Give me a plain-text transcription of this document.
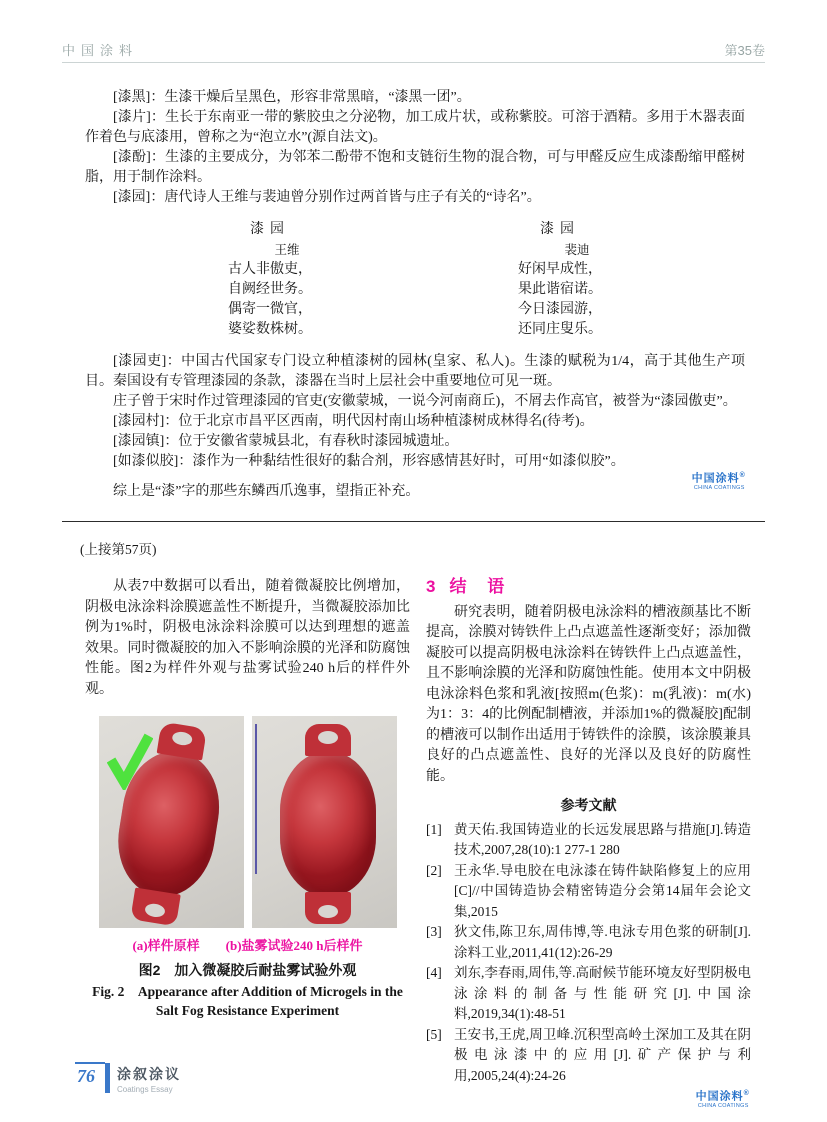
中国涂料	第35卷

[漆黑]：生漆干燥后呈黑色，形容非常黑暗，“漆黑一团”。

[漆片]：生长于东南亚一带的紫胶虫之分泌物，加工成片状，或称紫胶。可溶于酒精。多用于木器表面作着色与底漆用，曾称之为“泡立水”(源自法文)。

[漆酚]：生漆的主要成分，为邻苯二酚带不饱和支链衍生物的混合物，可与甲醛反应生成漆酚缩甲醛树脂，用于制作涂料。

[漆园]：唐代诗人王维与裴迪曾分别作过两首皆与庄子有关的“诗名”。

漆园
王维
古人非傲吏，
自阙经世务。
偶寄一微官，
婆娑数株树。
漆园
裴迪
好闲早成性，
果此谐宿诺。
今日漆园游，
还同庄叟乐。

[漆园吏]：中国古代国家专门设立种植漆树的园林(皇家、私人)。生漆的赋税为1/4，高于其他生产项目。秦国设有专管理漆园的条款，漆器在当时上层社会中重要地位可见一斑。

庄子曾于宋时作过管理漆园的官吏(安徽蒙城，一说今河南商丘)，不屑去作高官，被誉为“漆园傲吏”。

[漆园村]：位于北京市昌平区西南，明代因村南山场种植漆树成林得名(待考)。

[漆园镇]：位于安徽省蒙城县北，有春秋时漆园城遗址。

[如漆似胶]：漆作为一种黏结性很好的黏合剂，形容感情甚好时，可用“如漆似胶”。

综上是“漆”字的那些东鳞西爪逸事，望指正补充。

中国涂料®
CHINA COATINGS
(上接第57页)

从表7中数据可以看出，随着微凝胶比例增加，阴极电泳涂料涂膜遮盖性不断提升，当微凝胶添加比例为1%时，阴极电泳涂料涂膜可以达到理想的遮盖效果。同时微凝胶的加入不影响涂膜的光泽和防腐蚀性能。图2为样件外观与盐雾试验240 h后的样件外观。

(a)样件原样 (b)盐雾试验240 h后样件
图2　加入微凝胶后耐盐雾试验外观
Fig. 2　Appearance after Addition of Microgels in the Salt Fog Resistance Experiment
3 结 语

研究表明，随着阴极电泳涂料的槽液颜基比不断提高，涂膜对铸铁件上凸点遮盖性逐渐变好；添加微凝胶可以提高阴极电泳涂料在铸铁件上凸点遮盖性，且不影响涂膜的光泽和防腐蚀性能。使用本文中阴极电泳涂料色浆和乳液[按照m(色浆)：m(乳液)：m(水)为1：3：4的比例配制槽液，并添加1%的微凝胶]配制的槽液可以制作出适用于铸铁件的涂膜，该涂膜兼具良好的凸点遮盖性、良好的光泽以及良好的防腐性能。

参考文献
[1] 黄天佑.我国铸造业的长远发展思路与措施[J].铸造技术,2007,28(10):1 277-1 280
[2] 王永华.导电胶在电泳漆在铸件缺陷修复上的应用[C]//中国铸造协会精密铸造分会第14届年会论文集,2015
[3] 狄文伟,陈卫东,周伟博,等.电泳专用色浆的研制[J].涂料工业,2011,41(12):26-29
[4] 刘东,李春雨,周伟,等.高耐候节能环境友好型阴极电泳涂料的制备与性能研究[J].中国涂料,2019,34(1):48-51
[5] 王安书,王虎,周卫峰.沉积型高岭土深加工及其在阴极电泳漆中的应用[J].矿产保护与利用,2005,24(4):24-26
中国涂料®
CHINA COATINGS
76	涂叙涂议
Coatings Essay
